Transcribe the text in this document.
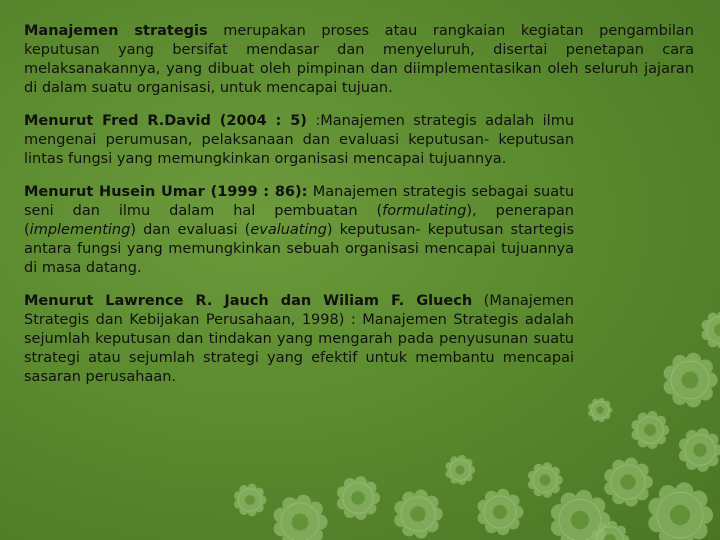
Manajemen strategis merupakan proses atau rangkaian kegiatan pengambilan keputusan yang bersifat mendasar dan menyeluruh, disertai penetapan cara melaksanakannya, yang dibuat oleh pimpinan dan diimplementasikan oleh seluruh jajaran di dalam suatu organisasi, untuk mencapai tujuan.

Menurut Fred R.David (2004 : 5) :Manajemen strategis adalah ilmu mengenai perumusan, pelaksanaan dan evaluasi keputusan- keputusan lintas fungsi yang memungkinkan organisasi mencapai tujuannya.

Menurut Husein Umar (1999 : 86): Manajemen strategis sebagai suatu seni dan ilmu dalam hal pembuatan (formulating), penerapan (implementing) dan evaluasi (evaluating) keputusan- keputusan startegis antara fungsi yang memungkinkan sebuah organisasi mencapai tujuannya di masa datang.

Menurut Lawrence R. Jauch dan Wiliam F. Gluech (Manajemen Strategis dan Kebijakan Perusahaan, 1998) : Manajemen Strategis adalah sejumlah keputusan dan tindakan yang mengarah pada penyusunan suatu strategi atau sejumlah strategi yang efektif untuk membantu mencapai sasaran perusahaan.
